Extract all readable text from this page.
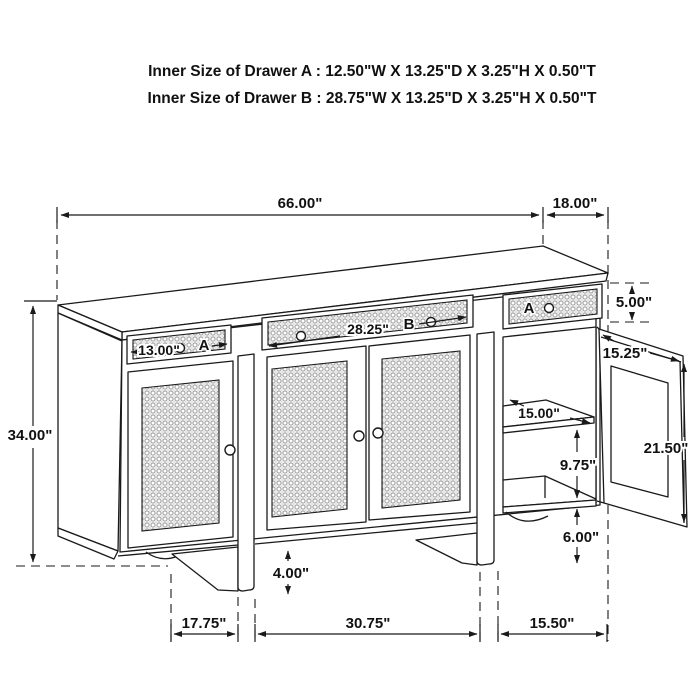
Inner Size of Drawer A : 12.50"W X 13.25"D X 3.25"H X 0.50"T
Inner Size of Drawer B : 28.75"W X 13.25"D X 3.25"H X 0.50"T
66.00"	18.00"
34.00"
5.00"
13.00" A
28.25" B
A
15.25"
15.00"
9.75"
21.50"
6.00"
4.00"
17.75"	30.75"	15.50"
